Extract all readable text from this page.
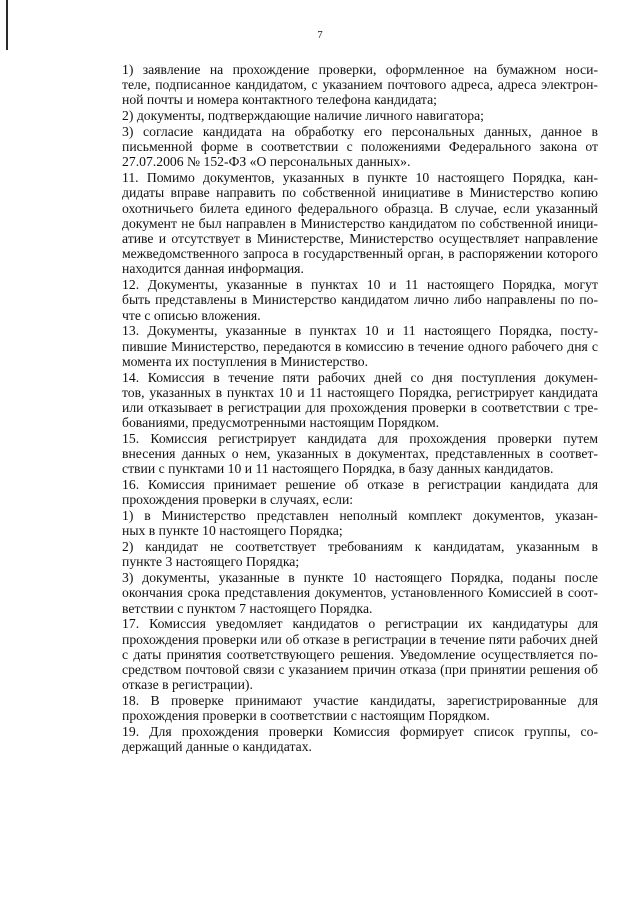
7

1) заявление на прохождение проверки, оформленное на бумажном носи-
теле, подписанное кандидатом, с указанием почтового адреса, адреса электрон-
ной почты и номера контактного телефона кандидата;

2) документы, подтверждающие наличие личного навигатора;

3) согласие кандидата на обработку его персональных данных, данное в
письменной форме в соответствии с положениями Федерального закона от
27.07.2006 № 152-ФЗ «О персональных данных».

11. Помимо документов, указанных в пункте 10 настоящего Порядка, кан-
дидаты вправе направить по собственной инициативе в Министерство копию
охотничьего билета единого федерального образца. В случае, если указанный
документ не был направлен в Министерство кандидатом по собственной иници-
ативе и отсутствует в Министерстве, Министерство осуществляет направление
межведомственного запроса в государственный орган, в распоряжении которого
находится данная информация.

12. Документы, указанные в пунктах 10 и 11 настоящего Порядка, могут
быть представлены в Министерство кандидатом лично либо направлены по по-
чте с описью вложения.

13. Документы, указанные в пунктах 10 и 11 настоящего Порядка, посту-
пившие Министерство, передаются в комиссию в течение одного рабочего дня с
момента их поступления в Министерство.

14. Комиссия в течение пяти рабочих дней со дня поступления докумен-
тов, указанных в пунктах 10 и 11 настоящего Порядка, регистрирует кандидата
или отказывает в регистрации для прохождения проверки в соответствии с тре-
бованиями, предусмотренными настоящим Порядком.

15. Комиссия регистрирует кандидата для прохождения проверки путем
внесения данных о нем, указанных в документах, представленных в соответ-
ствии с пунктами 10 и 11 настоящего Порядка, в базу данных кандидатов.

16. Комиссия принимает решение об отказе в регистрации кандидата для
прохождения проверки в случаях, если:

1) в Министерство представлен неполный комплект документов, указан-
ных в пункте 10 настоящего Порядка;

2) кандидат не соответствует требованиям к кандидатам, указанным в
пункте 3 настоящего Порядка;

3) документы, указанные в пункте 10 настоящего Порядка, поданы после
окончания срока представления документов, установленного Комиссией в соот-
ветствии с пунктом 7 настоящего Порядка.

17. Комиссия уведомляет кандидатов о регистрации их кандидатуры для
прохождения проверки или об отказе в регистрации в течение пяти рабочих дней
с даты принятия соответствующего решения. Уведомление осуществляется по-
средством почтовой связи с указанием причин отказа (при принятии решения об
отказе в регистрации).

18. В проверке принимают участие кандидаты, зарегистрированные для
прохождения проверки в соответствии с настоящим Порядком.

19. Для прохождения проверки Комиссия формирует список группы, со-
держащий данные о кандидатах.
